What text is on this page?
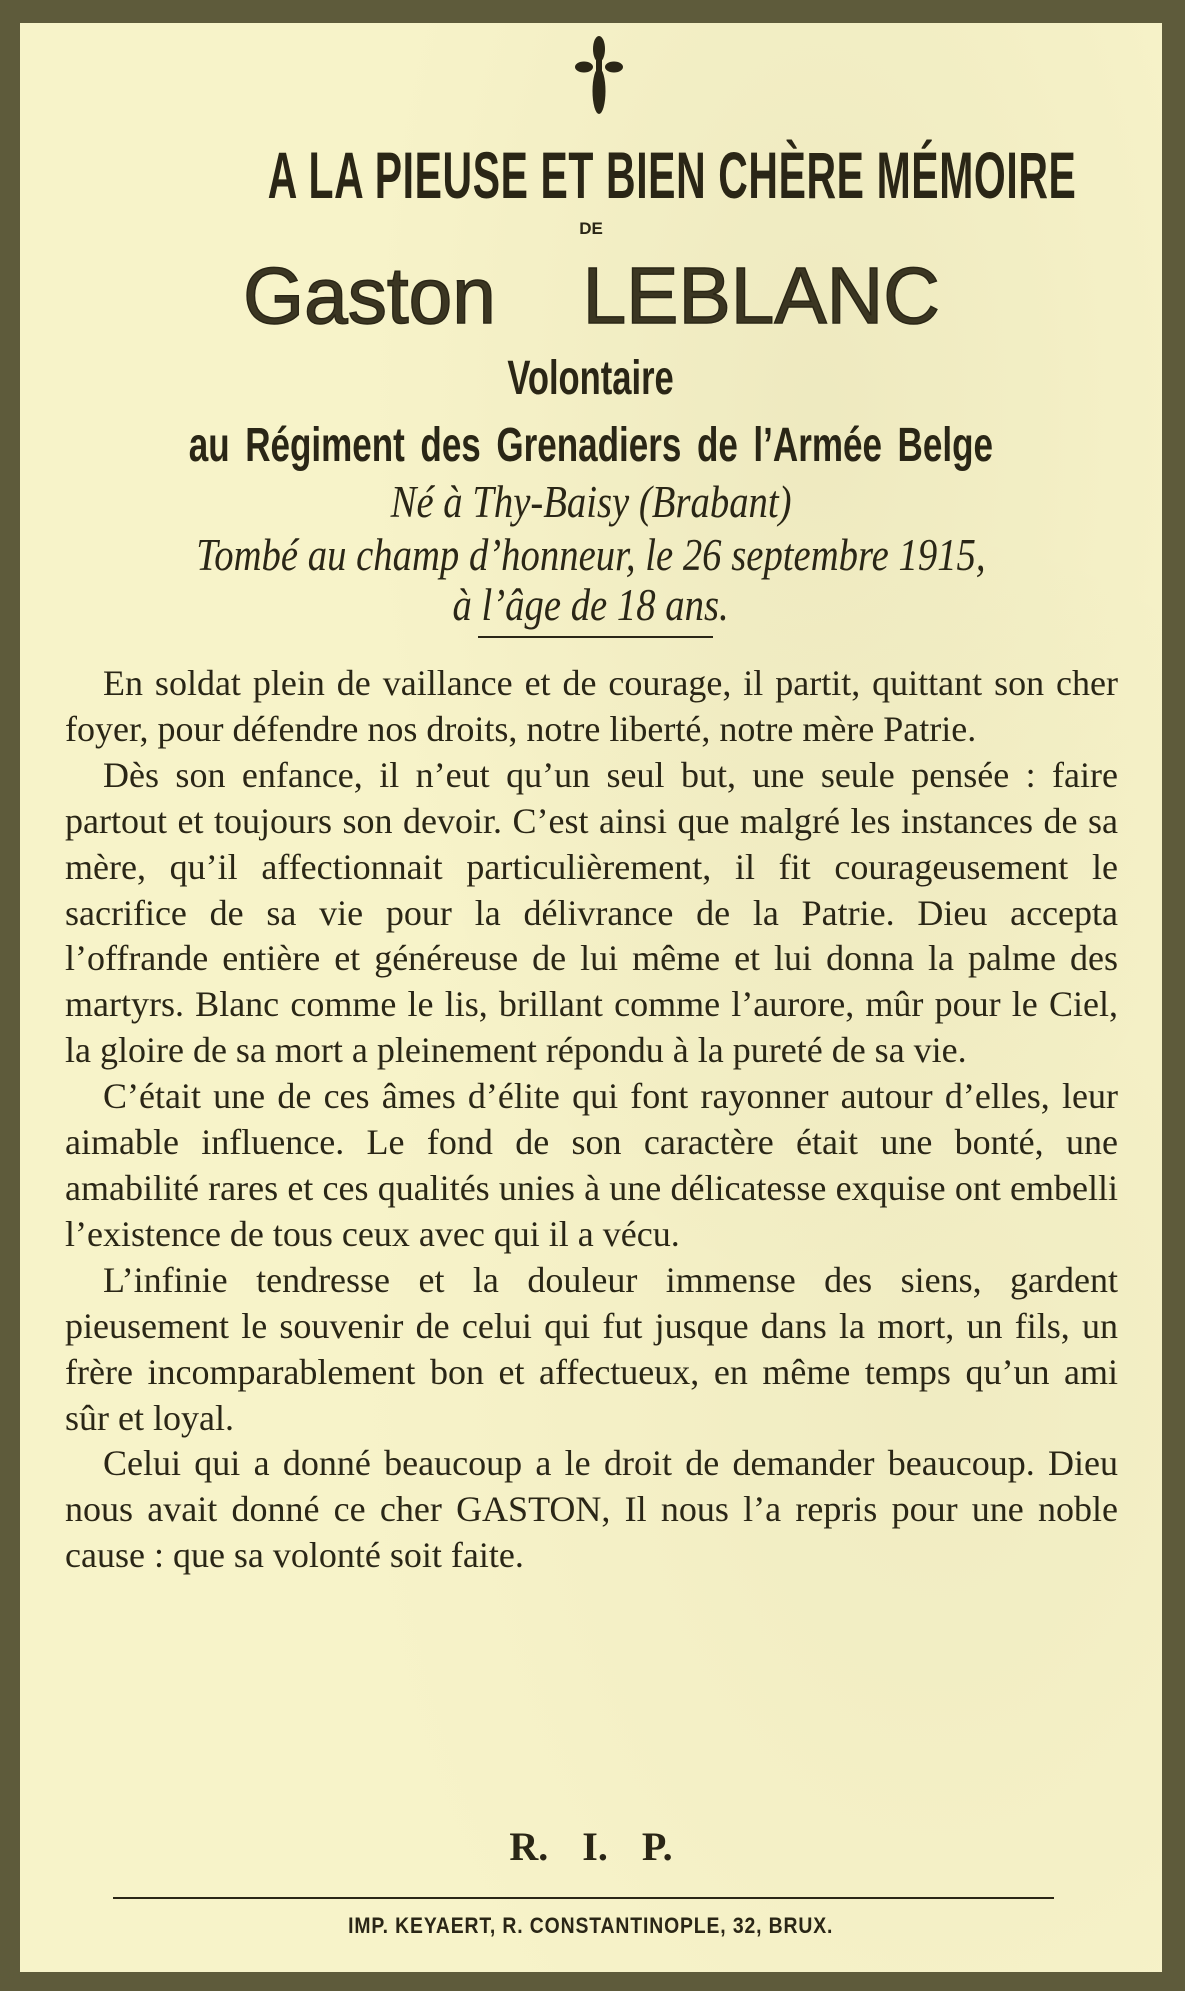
A LA PIEUSE ET BIEN CHÈRE MÉMOIRE
DE
Gaston  LEBLANC
Volontaire
au Régiment des Grenadiers de l’Armée Belge
Né à Thy-Baisy (Brabant)
Tombé au champ d’honneur, le 26 septembre 1915,
à l’âge de 18 ans.

En soldat plein de vaillance et de courage, il partit, quittant son cher foyer, pour défendre nos droits, notre liberté, notre mère Patrie.

Dès son enfance, il n’eut qu’un seul but, une seule pensée : faire partout et toujours son devoir. C’est ainsi que malgré les instances de sa mère, qu’il affectionnait particulièrement, il fit courageusement le sacrifice de sa vie pour la délivrance de la Patrie. Dieu accepta l’offrande entière et généreuse de lui même et lui donna la palme des martyrs. Blanc comme le lis, brillant comme l’aurore, mûr pour le Ciel, la gloire de sa mort a pleinement répondu à la pureté de sa vie.

C’était une de ces âmes d’élite qui font rayonner autour d’elles, leur aimable influence. Le fond de son caractère était une bonté, une amabilité rares et ces qualités unies à une délicatesse exquise ont embelli l’existence de tous ceux avec qui il a vécu.

L’infinie tendresse et la douleur immense des siens, gardent pieusement le souvenir de celui qui fut jusque dans la mort, un fils, un frère incomparablement bon et affectueux, en même temps qu’un ami sûr et loyal.

Celui qui a donné beaucoup a le droit de demander beaucoup. Dieu nous avait donné ce cher GASTON, Il nous l’a repris pour une noble cause : que sa volonté soit faite.

R. I. P.
IMP. KEYAERT, R. CONSTANTINOPLE, 32, BRUX.
